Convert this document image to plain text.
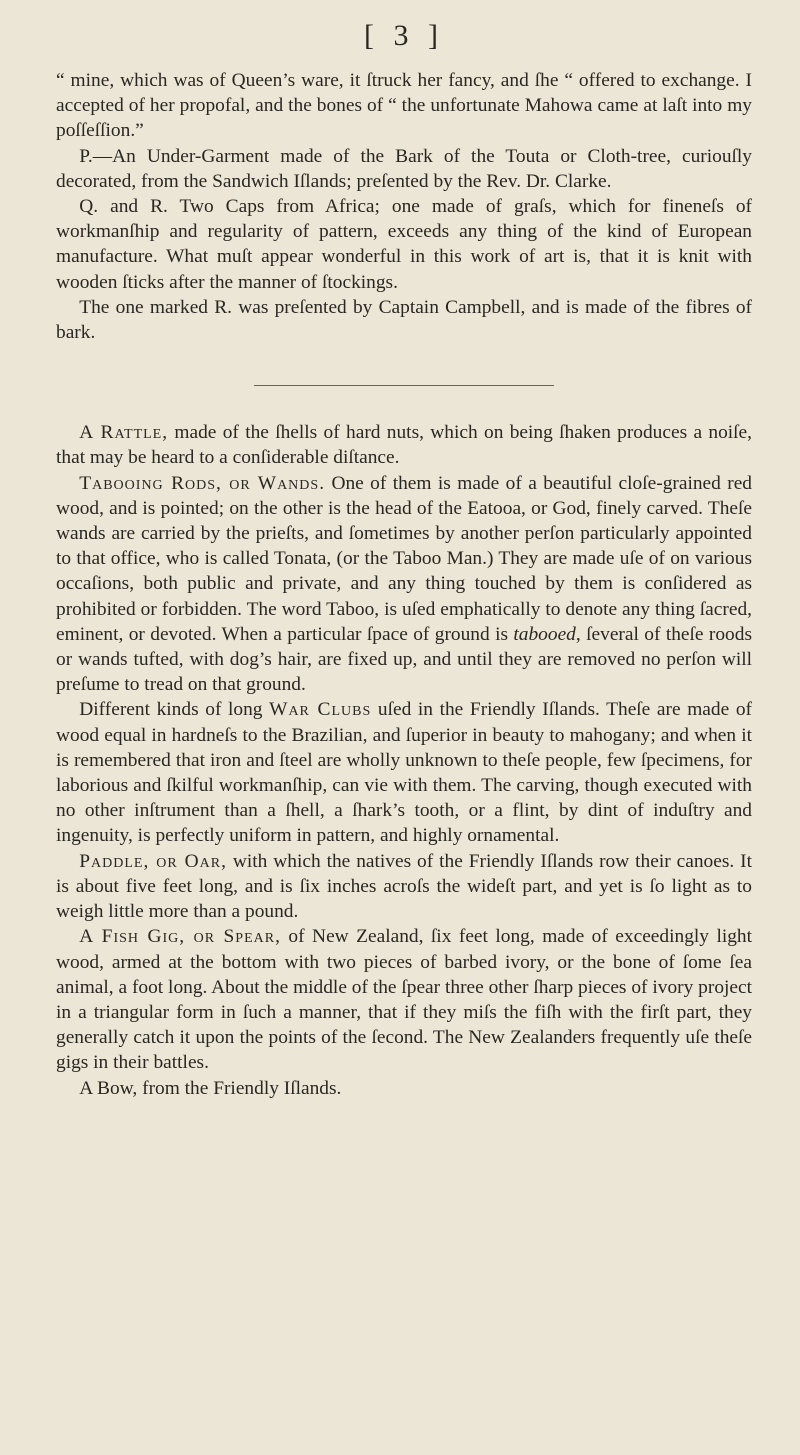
[ 3 ]

“ mine, which was of Queen’s ware, it ſtruck her fancy, and ſhe “ offered to exchange. I accepted of her propofal, and the bones of “ the unfortunate Mahowa came at laſt into my poſſeſſion.”

P.—An Under-Garment made of the Bark of the Touta or Cloth-tree, curiouſly decorated, from the Sandwich Iſlands; preſented by the Rev. Dr. Clarke.

Q. and R. Two Caps from Africa; one made of graſs, which for fineneſs of workmanſhip and regularity of pattern, exceeds any thing of the kind of European manufacture. What muſt appear wonderful in this work of art is, that it is knit with wooden ſticks after the manner of ſtockings.

The one marked R. was preſented by Captain Campbell, and is made of the fibres of bark.

A Rattle, made of the ſhells of hard nuts, which on being ſhaken produces a noiſe, that may be heard to a conſiderable diſtance.

Tabooing Rods, or Wands. One of them is made of a beautiful cloſe-grained red wood, and is pointed; on the other is the head of the Eatooa, or God, finely carved. Theſe wands are carried by the prieſts, and ſometimes by another perſon particularly appointed to that office, who is called Tonata, (or the Taboo Man.) They are made uſe of on various occaſions, both public and private, and any thing touched by them is conſidered as prohibited or forbidden. The word Taboo, is uſed emphatically to denote any thing ſacred, eminent, or devoted. When a particular ſpace of ground is tabooed, ſeveral of theſe roods or wands tufted, with dog’s hair, are fixed up, and until they are removed no perſon will preſume to tread on that ground.

Different kinds of long War Clubs uſed in the Friendly Iſlands. Theſe are made of wood equal in hardneſs to the Brazilian, and ſuperior in beauty to mahogany; and when it is remembered that iron and ſteel are wholly unknown to theſe people, few ſpecimens, for laborious and ſkilful workmanſhip, can vie with them. The carving, though executed with no other inſtrument than a ſhell, a ſhark’s tooth, or a flint, by dint of induſtry and ingenuity, is perfectly uniform in pattern, and highly ornamental.

Paddle, or Oar, with which the natives of the Friendly Iſlands row their canoes. It is about five feet long, and is ſix inches acroſs the wideſt part, and yet is ſo light as to weigh little more than a pound.

A Fish Gig, or Spear, of New Zealand, ſix feet long, made of exceedingly light wood, armed at the bottom with two pieces of barbed ivory, or the bone of ſome ſea animal, a foot long. About the middle of the ſpear three other ſharp pieces of ivory project in a triangular form in ſuch a manner, that if they miſs the fiſh with the firſt part, they generally catch it upon the points of the ſecond. The New Zealanders frequently uſe theſe gigs in their battles.

A Bow, from the Friendly Iſlands.
